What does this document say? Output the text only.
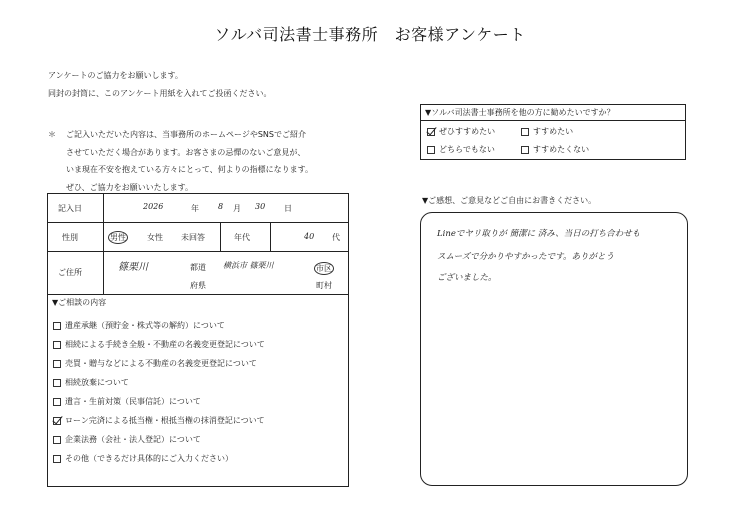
ソルバ司法書士事務所　お客様アンケート
アンケートのご協力をお願いします。
同封の封筒に、このアンケート用紙を入れてご投函ください。
＊	ご記入いただいた内容は、当事務所のホームページやSNSでご紹介
させていただく場合があります。お客さまの忌憚のないご意見が、
いま現在不安を抱えている方々にとって、何よりの指標になります。
ぜひ、ご協力をお願いいたします。
記入日	2026	年 8 月 30 日
性別	男性	女性 未回答	年代	40 代
ご住所	篠栗川	都道
府県
横浜市 篠栗川	市区
町村
▼ご相談の内容
遺産承継（預貯金・株式等の解約）について
相続による手続き全般・不動産の名義変更登記について
売買・贈与などによる不動産の名義変更登記について
相続放棄について
遺言・生前対策（民事信託）について
ローン完済による抵当権・根抵当権の抹消登記について
企業法務（会社・法人登記）について
その他（できるだけ具体的にご入力ください）
▼ソルバ司法書士事務所を他の方に勧めたいですか？
ぜひすすめたい	すすめたい
どちらでもない	すすめたくない
▼ご感想、ご意見などご自由にお書きください。
Lineでヤリ取りが 簡潔に 済み、当日の打ち合わせも
スムーズで分かりやすかったです。ありがとう
ございました。
